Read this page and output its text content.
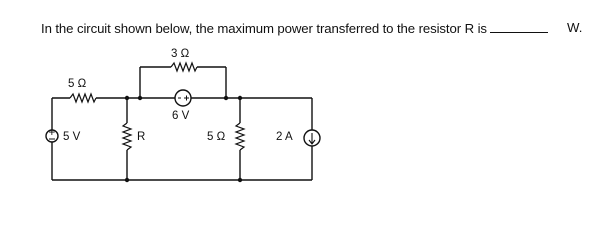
In the circuit shown below, the maximum power transferred to the resistor R is	W.
+ 5 V
5 Ω
3 Ω
6 V
R	5 Ω	2 A
